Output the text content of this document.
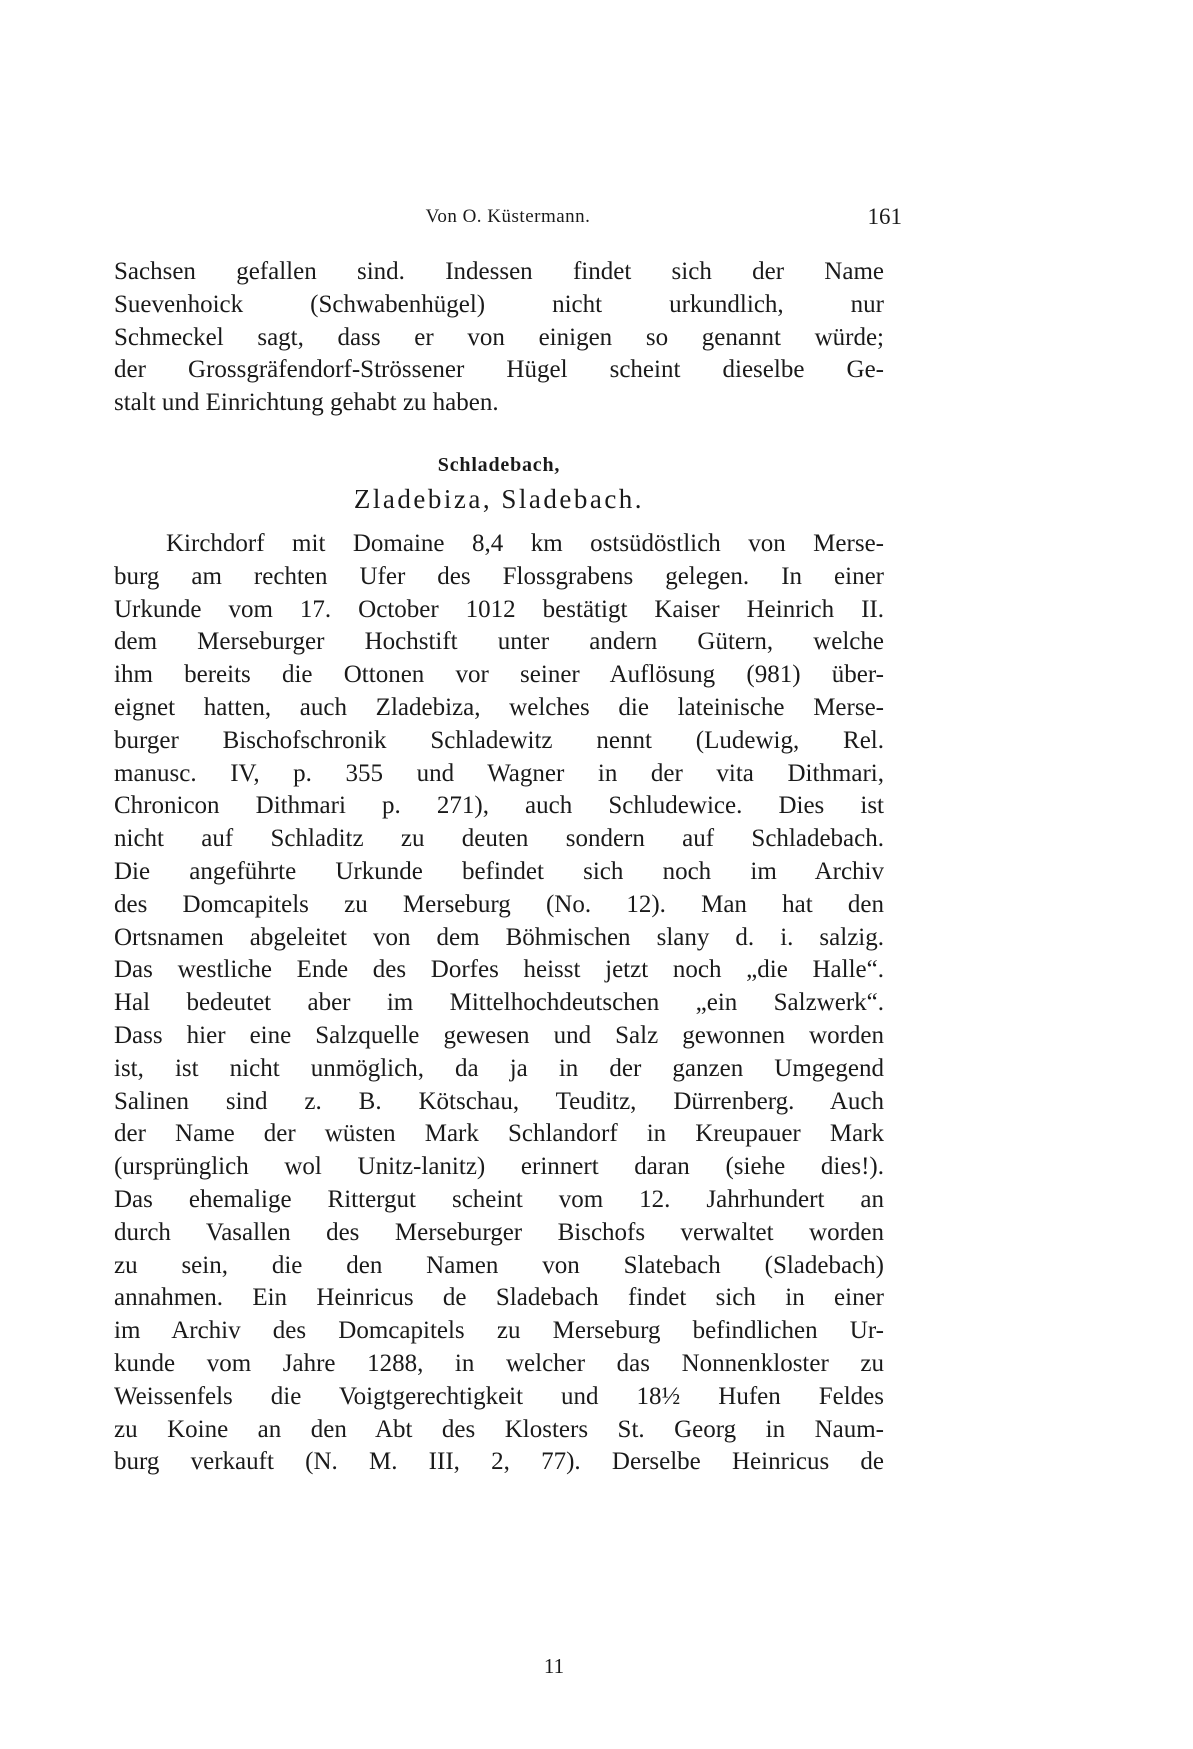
Von O. Küstermann.	161
Sachsen gefallen sind. Indessen findet sich der Name
Suevenhoick (Schwabenhügel) nicht urkundlich, nur
Schmeckel sagt, dass er von einigen so genannt würde;
der Grossgräfendorf-Strössener Hügel scheint dieselbe Ge-
stalt und Einrichtung gehabt zu haben.
Schladebach,
Zladebiza, Sladebach.
Kirchdorf mit Domaine 8,4 km ostsüdöstlich von Merse-
burg am rechten Ufer des Flossgrabens gelegen. In einer
Urkunde vom 17. October 1012 bestätigt Kaiser Heinrich II.
dem Merseburger Hochstift unter andern Gütern, welche
ihm bereits die Ottonen vor seiner Auflösung (981) über-
eignet hatten, auch Zladebiza, welches die lateinische Merse-
burger Bischofschronik Schladewitz nennt (Ludewig, Rel.
manusc. IV, p. 355 und Wagner in der vita Dithmari,
Chronicon Dithmari p. 271), auch Schludewice. Dies ist
nicht auf Schladitz zu deuten sondern auf Schladebach.
Die angeführte Urkunde befindet sich noch im Archiv
des Domcapitels zu Merseburg (No. 12). Man hat den
Ortsnamen abgeleitet von dem Böhmischen slany d. i. salzig.
Das westliche Ende des Dorfes heisst jetzt noch „die Halle“.
Hal bedeutet aber im Mittelhochdeutschen „ein Salzwerk“.
Dass hier eine Salzquelle gewesen und Salz gewonnen worden
ist, ist nicht unmöglich, da ja in der ganzen Umgegend
Salinen sind z. B. Kötschau, Teuditz, Dürrenberg. Auch
der Name der wüsten Mark Schlandorf in Kreupauer Mark
(ursprünglich wol Unitz-lanitz) erinnert daran (siehe dies!).
Das ehemalige Rittergut scheint vom 12. Jahrhundert an
durch Vasallen des Merseburger Bischofs verwaltet worden
zu sein, die den Namen von Slatebach (Sladebach)
annahmen. Ein Heinricus de Sladebach findet sich in einer
im Archiv des Domcapitels zu Merseburg befindlichen Ur-
kunde vom Jahre 1288, in welcher das Nonnenkloster zu
Weissenfels die Voigtgerechtigkeit und 18½ Hufen Feldes
zu Koine an den Abt des Klosters St. Georg in Naum-
burg verkauft (N. M. III, 2, 77). Derselbe Heinricus de
11
